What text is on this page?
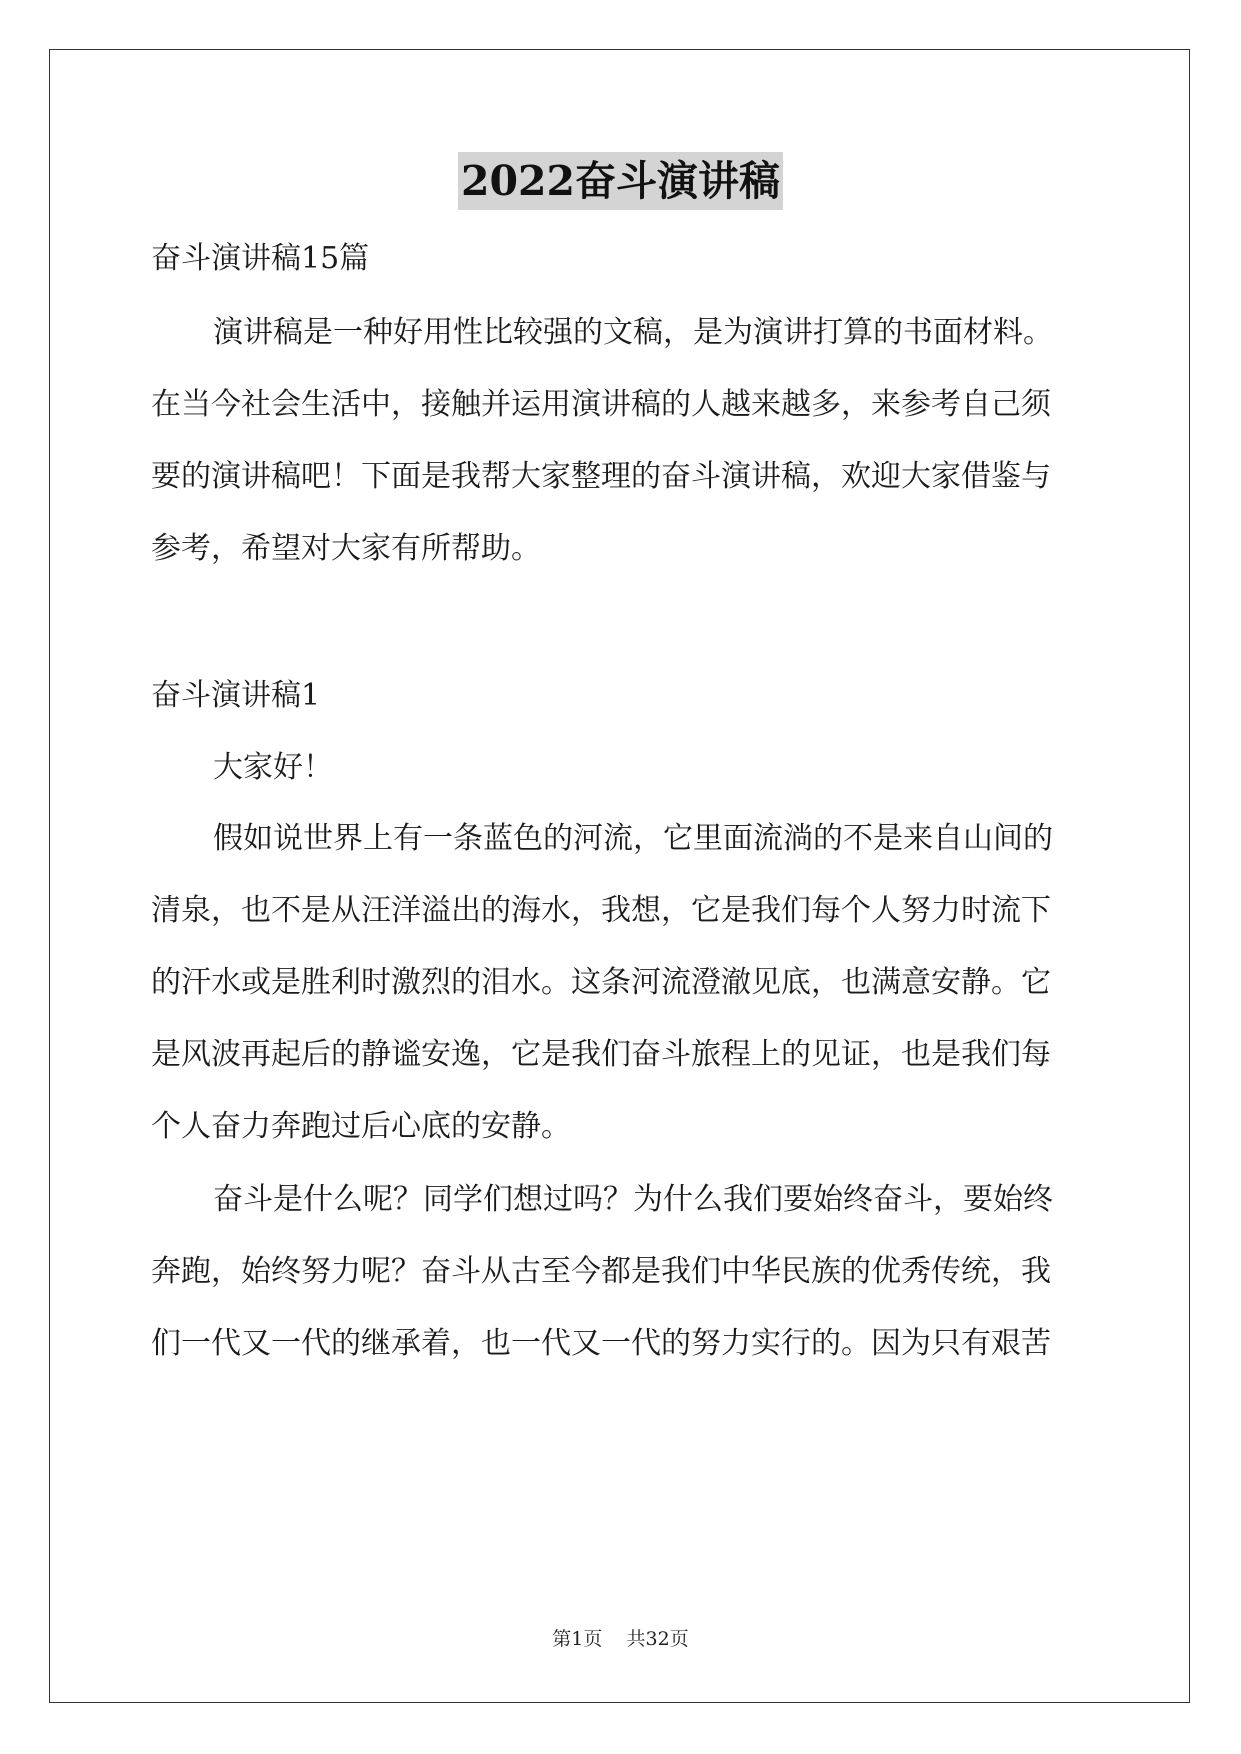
2022奋斗演讲稿
奋斗演讲稿15篇
演讲稿是一种好用性比较强的文稿，是为演讲打算的书面材料。
在当今社会生活中，接触并运用演讲稿的人越来越多，来参考自己须
要的演讲稿吧！下面是我帮大家整理的奋斗演讲稿，欢迎大家借鉴与
参考，希望对大家有所帮助。
奋斗演讲稿1
大家好！
假如说世界上有一条蓝色的河流，它里面流淌的不是来自山间的
清泉，也不是从汪洋溢出的海水，我想，它是我们每个人努力时流下
的汗水或是胜利时激烈的泪水。这条河流澄澈见底，也满意安静。它
是风波再起后的静谧安逸，它是我们奋斗旅程上的见证，也是我们每
个人奋力奔跑过后心底的安静。
奋斗是什么呢？同学们想过吗？为什么我们要始终奋斗，要始终
奔跑，始终努力呢？奋斗从古至今都是我们中华民族的优秀传统，我
们一代又一代的继承着，也一代又一代的努力实行的。因为只有艰苦
第1页    共32页
